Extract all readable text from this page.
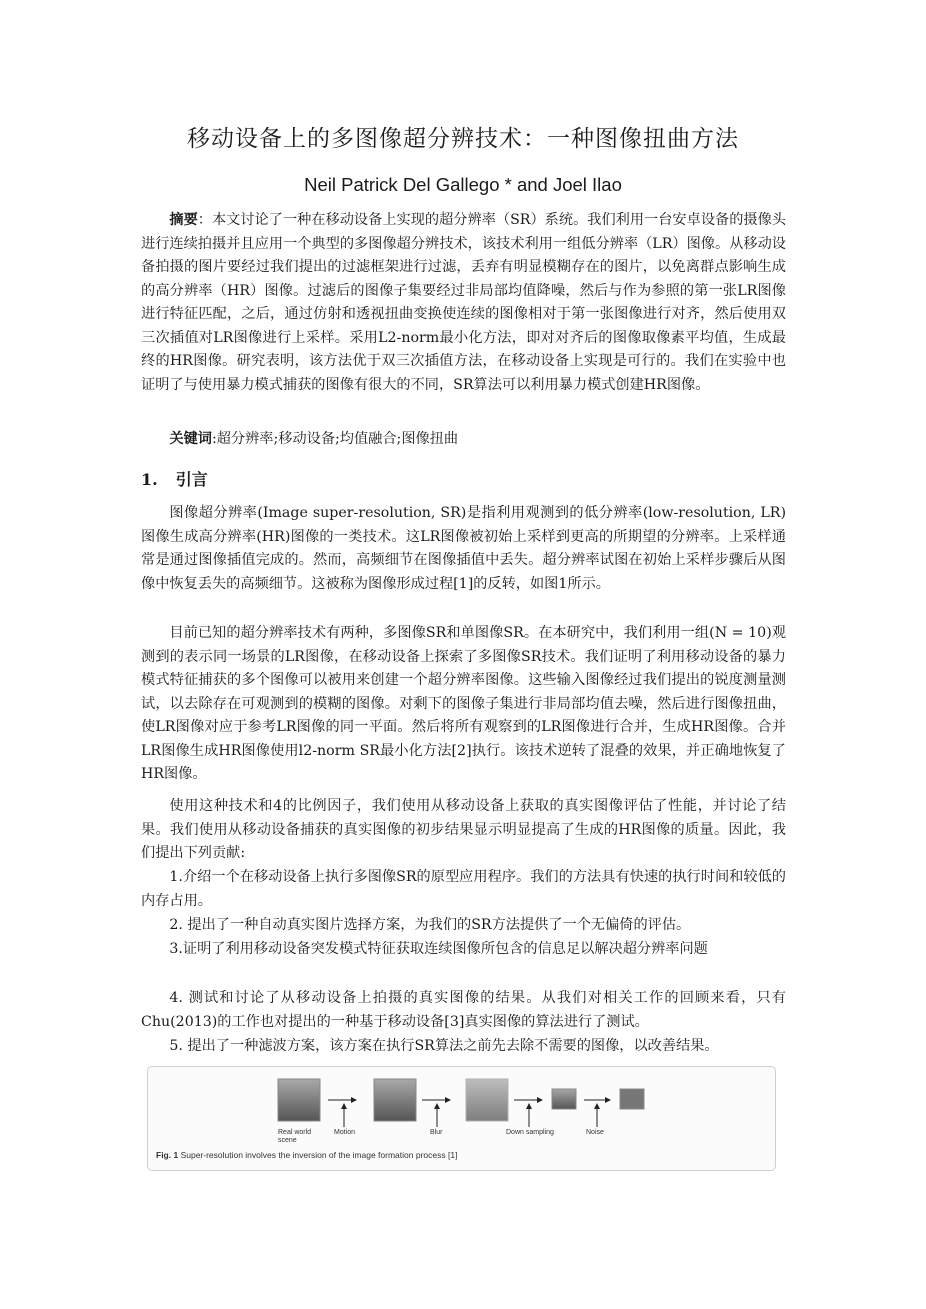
移动设备上的多图像超分辨技术：一种图像扭曲方法
Neil Patrick Del Gallego * and Joel Ilao

摘要：本文讨论了一种在移动设备上实现的超分辨率（SR）系统。我们利用一台安卓设备的摄像头进行连续拍摄并且应用一个典型的多图像超分辨技术，该技术利用一组低分辨率（LR）图像。从移动设备拍摄的图片要经过我们提出的过滤框架进行过滤，丢弃有明显模糊存在的图片，以免离群点影响生成的高分辨率（HR）图像。过滤后的图像子集要经过非局部均值降噪，然后与作为参照的第一张LR图像进行特征匹配，之后，通过仿射和透视扭曲变换使连续的图像相对于第一张图像进行对齐，然后使用双三次插值对LR图像进行上采样。采用L2-norm最小化方法，即对对齐后的图像取像素平均值，生成最终的HR图像。研究表明，该方法优于双三次插值方法，在移动设备上实现是可行的。我们在实验中也证明了与使用暴力模式捕获的图像有很大的不同，SR算法可以利用暴力模式创建HR图像。

关键词:超分辨率;移动设备;均值融合;图像扭曲

1. 引言

图像超分辨率(Image super-resolution, SR)是指利用观测到的低分辨率(low-resolution, LR)图像生成高分辨率(HR)图像的一类技术。这LR图像被初始上采样到更高的所期望的分辨率。上采样通常是通过图像插值完成的。然而，高频细节在图像插值中丢失。超分辨率试图在初始上采样步骤后从图像中恢复丢失的高频细节。这被称为图像形成过程[1]的反转，如图1所示。

目前已知的超分辨率技术有两种，多图像SR和单图像SR。在本研究中，我们利用一组(N = 10)观测到的表示同一场景的LR图像，在移动设备上探索了多图像SR技术。我们证明了利用移动设备的暴力模式特征捕获的多个图像可以被用来创建一个超分辨率图像。这些输入图像经过我们提出的锐度测量测试，以去除存在可观测到的模糊的图像。对剩下的图像子集进行非局部均值去噪，然后进行图像扭曲，使LR图像对应于参考LR图像的同一平面。然后将所有观察到的LR图像进行合并，生成HR图像。合并LR图像生成HR图像使用l2-norm SR最小化方法[2]执行。该技术逆转了混叠的效果，并正确地恢复了HR图像。

使用这种技术和4的比例因子，我们使用从移动设备上获取的真实图像评估了性能，并讨论了结果。我们使用从移动设备捕获的真实图像的初步结果显示明显提高了生成的HR图像的质量。因此，我们提出下列贡献:

1.介绍一个在移动设备上执行多图像SR的原型应用程序。我们的方法具有快速的执行时间和较低的内存占用。

2. 提出了一种自动真实图片选择方案，为我们的SR方法提供了一个无偏倚的评估。

3.证明了利用移动设备突发模式特征获取连续图像所包含的信息足以解决超分辨率问题

4. 测试和讨论了从移动设备上拍摄的真实图像的结果。从我们对相关工作的回顾来看，只有Chu(2013)的工作也对提出的一种基于移动设备[3]真实图像的算法进行了测试。

5. 提出了一种滤波方案，该方案在执行SR算法之前先去除不需要的图像，以改善结果。

Real world
scene
Motion	Blur	Down sampling	Noise
Fig. 1 Super-resolution involves the inversion of the image formation process [1]
